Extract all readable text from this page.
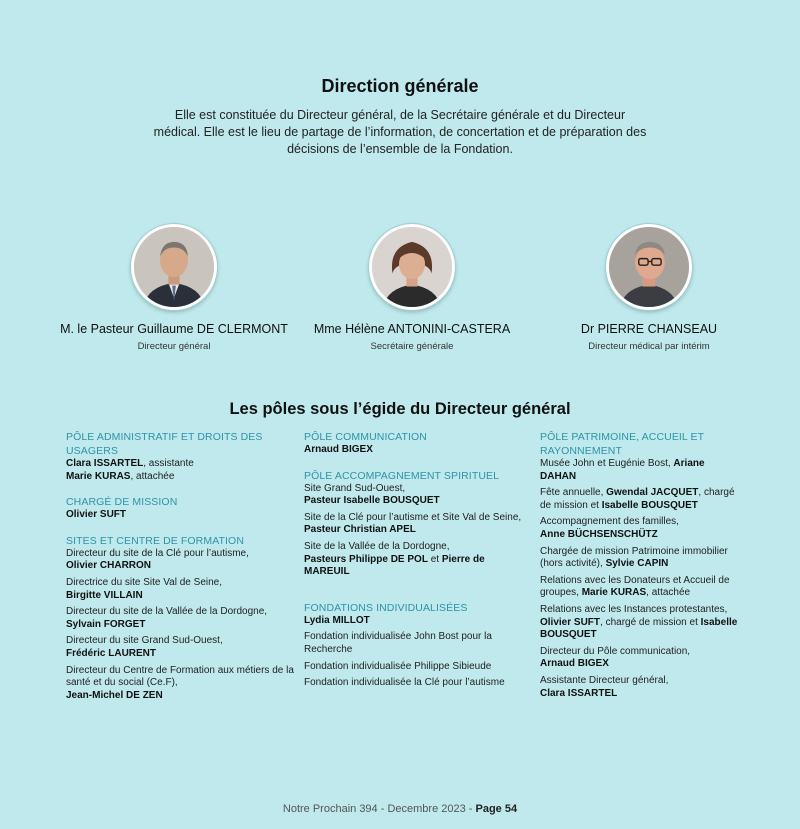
Direction générale

Elle est constituée du Directeur général, de la Secrétaire générale et du Directeur médical. Elle est le lieu de partage de l’information, de concertation et de préparation des décisions de l’ensemble de la Fondation.

M. le Pasteur Guillaume DE CLERMONT
Directeur général
Mme Hélène ANTONINI-CASTERA
Secrétaire générale
Dr PIERRE CHANSEAU
Directeur médical par intérim
Les pôles sous l’égide du Directeur général
PÔLE ADMINISTRATIF ET DROITS DES USAGERS
Clara ISSARTEL, assistante
Marie KURAS, attachée
CHARGÉ DE MISSION
Olivier SUFT
SITES ET CENTRE DE FORMATION
Directeur du site de la Clé pour l’autisme,
Olivier CHARRON
Directrice du site Site Val de Seine,
Birgitte VILLAIN
Directeur du site de la Vallée de la Dordogne,
Sylvain FORGET
Directeur du site Grand Sud-Ouest,
Frédéric LAURENT
Directeur du Centre de Formation aux métiers de la santé et du social (Ce.F),
Jean-Michel DE ZEN
PÔLE COMMUNICATION
Arnaud BIGEX
PÔLE ACCOMPAGNEMENT SPIRITUEL
Site Grand Sud-Ouest,
Pasteur Isabelle BOUSQUET
Site de la Clé pour l’autisme et Site Val de Seine,
Pasteur Christian APEL
Site de la Vallée de la Dordogne,
Pasteurs Philippe DE POL et Pierre de MAREUIL
FONDATIONS INDIVIDUALISÉES
Lydia MILLOT
Fondation individualisée John Bost pour la Recherche
Fondation individualisée Philippe Sibieude
Fondation individualisée la Clé pour l’autisme
PÔLE PATRIMOINE, ACCUEIL ET RAYONNEMENT
Musée John et Eugénie Bost, Ariane DAHAN
Fête annuelle, Gwendal JACQUET, chargé de mission et Isabelle BOUSQUET
Accompagnement des familles,
Anne BÜCHSENSCHÜTZ
Chargée de mission Patrimoine immobilier (hors activité), Sylvie CAPIN
Relations avec les Donateurs et Accueil de groupes, Marie KURAS, attachée
Relations avec les Instances protestantes,
Olivier SUFT, chargé de mission et Isabelle BOUSQUET
Directeur du Pôle communication,
Arnaud BIGEX
Assistante Directeur général,
Clara ISSARTEL
Notre Prochain 394 - Decembre 2023 - Page 54
